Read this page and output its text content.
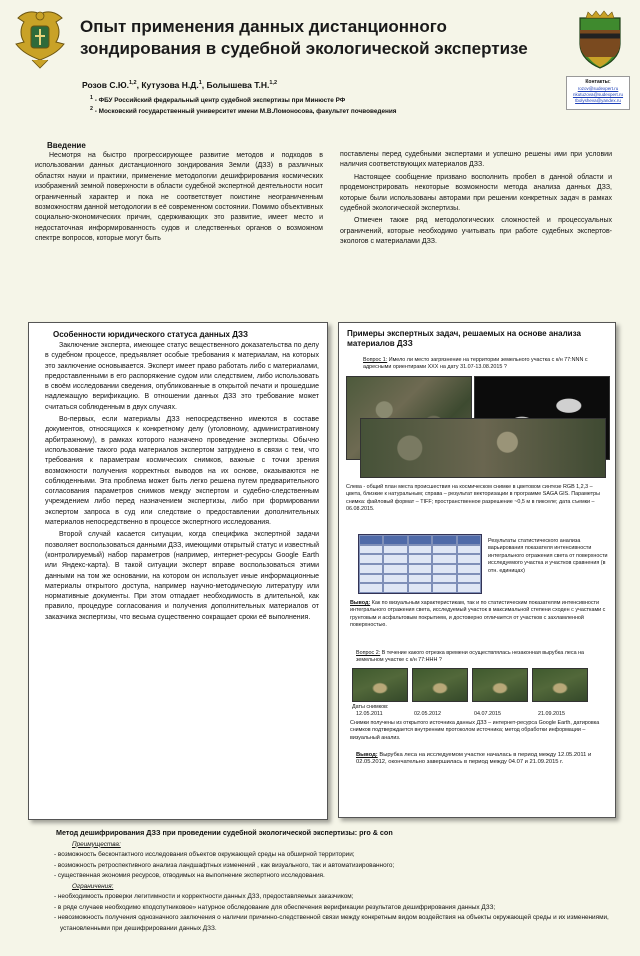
Опыт применения данных дистанционного зондирования в судебной экологической экспертизе
Розов С.Ю.$^{1,2}$, Кутузова Н.Д.$^1$, Болышева Т.Н.$^{1,2}$
$^1$ - ФБУ Российский федеральный центр судебной экспертизы при Минюсте РФ
$^2$ - Московский государственный университет имени М.В.Ломоносова, факультет почвоведения
Контакты:
rozov@sudexpert.ru
nkutuzova@sudexpert.ru
tbolysheva@yandex.ru
Введение

Несмотря на быстро прогрессирующее развитие методов и подходов в использовании данных дистанционного зондирования Земли (ДЗЗ) в различных областях науки и практики, применение методологии дешифрирования космических изображений земной поверхности в области судебной экспертной деятельности носит ограниченный характер и пока не соответствует поистине неограниченным возможностям данной методологии в её современном состоянии. Помимо объективных социально-экономических причин, сдерживающих это развитие, имеет место и недостаточная информированность судов и следственных органов о возможном спектре вопросов, которые могут быть

поставлены перед судебными экспертами и успешно решены ими при условии наличия соответствующих материалов ДЗЗ.

Настоящее сообщение призвано восполнить пробел в данной области и продемонстрировать некоторые возможности метода анализа данных ДЗЗ, которые были использованы авторами при решении конкретных задач в рамках судебной экологической экспертизы.

Отмечен также ряд методологических сложностей и процессуальных ограничений, которые необходимо учитывать при работе судебных экспертов-экологов с материалами ДЗЗ.

Особенности юридического статуса данных ДЗЗ

Заключение эксперта, имеющее статус вещественного доказательства по делу в судебном процессе, предъявляет особые требования к материалам, на которых это заключение основывается. Эксперт имеет право работать либо с материалами, предоставленными в его распоряжение судом или следствием, либо использовать в своём исследовании сведения, опубликованные в открытой печати и прошедшие надлежащую верификацию. В отношении данных ДЗЗ это требование может считаться соблюденным в двух случаях.

Во-первых, если материалы ДЗЗ непосредственно имеются в составе документов, относящихся к конкретному делу (уголовному, административному арбитражному), в рамках которого назначено проведение экспертизы. Обычно использование такого рода материалов экспертом затруднено в связи с тем, что требования к параметрам космических снимков, важные с точки зрения возможности получения корректных выводов на их основе, оказываются не соблюденными. Эта проблема может быть легко решена путем предварительного согласования параметров снимков между экспертом и судебно-следственным учреждением либо перед назначением экспертизы, либо при формировании экспертом запроса в суд или следствие о предоставлении дополнительных материалов непосредственно в процессе экспертного исследования.

Второй случай касается ситуации, когда специфика экспертной задачи позволяет воспользоваться данными ДЗЗ, имеющими открытый статус и известный (контролируемый) набор параметров (например, интернет-ресурсы Google Earth или Яндекс-карта). В такой ситуации эксперт вправе воспользоваться этими данными на том же основании, на котором он использует иные информационные материалы открытого доступа, например научно-методическую литературу или нормативные документы. При этом отпадает необходимость в длительной, как правило, процедуре согласования и получения дополнительных материалов от заказчика экспертизы, что весьма существенно сокращает сроки её выполнения.

Примеры экспертных задач, решаемых на основе анализа материалов ДЗЗ
Вопрос 1: Имело ли место загрязнение на территории земельного участка с к/н 77:NNN с адресными ориентирами ХХХ на дату 31.07-13.08.2015 ?
Слева - общий план места происшествия на космическом снимке в цветовом синтезе RGB 1,2,3 – цвета, близкие к натуральным; справа – результат векторизации в программе SAGA GIS. Параметры снимка: файловый формат – TIFF; пространственное разрешение ~0,5 м в пикселе; дата съемки – 06.08.2015.
Результаты статистического анализа варьирования показателя интенсивности интегрального отражения света от поверхности исследуемого участка и участков сравнения (в отн. единицах)
Вывод: Как по визуальным характеристикам, так и по статистическим показателям интенсивности интегрального отражения света, исследуемый участок в максимальной степени сходен с участками с грунтовым и асфальтовым покрытием, и достоверно отличается от участков с захламленной поверхностью.
Вопрос 2: В течение какого отрезка времени осуществлялась незаконная вырубка леса на земельном участке с к/н 77:ННН ?
Даты снимков:
12.05.2011	02.05.2012	04.07.2015	21.09.2015
Снимки получены из открытого источника данных ДЗЗ – интернет-ресурса Google Earth, датировка снимков подтверждается внутренним протоколом источника; метод обработки информации – визуальный анализ.
Вывод: Вырубка леса на исследуемом участке началась в период между 12.05.2011 и 02.05.2012, окончательно завершилась в период между 04.07 и 21.09.2015 г.
Метод дешифрирования ДЗЗ при проведении судебной экологической экспертизы: pro & con
Преимущества:
- возможность бесконтактного исследования объектов окружающей среды на обширной территории;
- возможность ретроспективного анализа ландшафтных изменений , как визуального, так и автоматизированного;
- существенная экономия ресурсов, отводимых на выполнение экспертного исследования.
Ограничения:
- необходимость проверки легитимности и корректности данных ДЗЗ, предоставляемых заказчиком;
- в ряде случаев необходимо кподспутниковое» натурное обследование для обеспечения верификации результатов дешифрирования данных ДЗЗ;
- невозможность получения однозначного заключения о наличии причинно-следственной связи между конкретным видом воздействия на объекты окружающей среды и их изменениями, установленными при дешифрировании данных ДЗЗ.
